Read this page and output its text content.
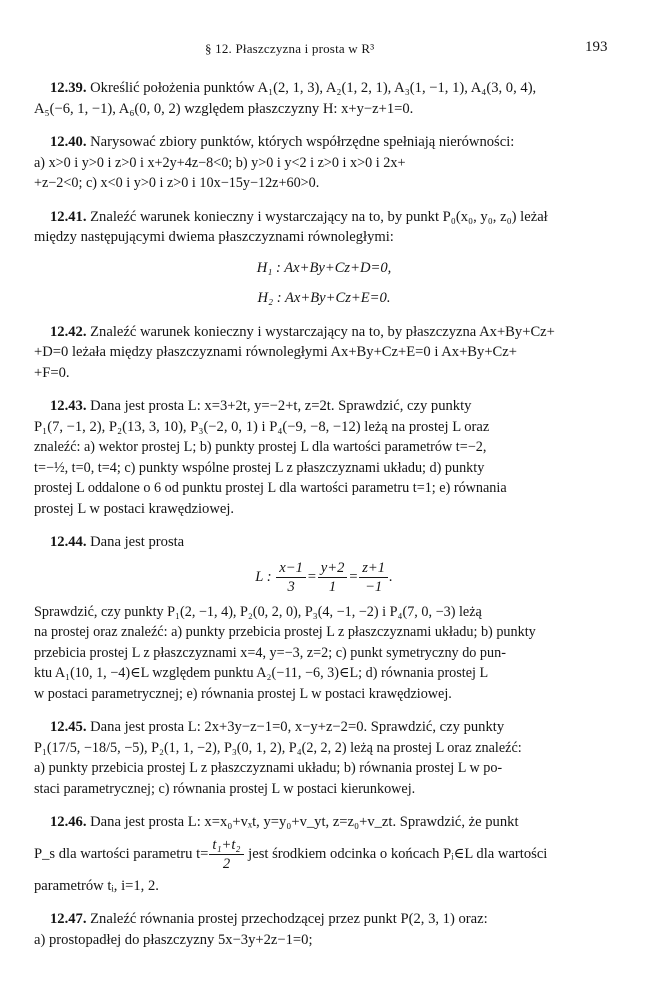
§ 12. Płaszczyzna i prosta w R³	193

12.39. Określić położenia punktów A₁(2, 1, 3), A₂(1, 2, 1), A₃(1, −1, 1), A₄(3, 0, 4),

A₅(−6, 1, −1), A₆(0, 0, 2) względem płaszczyzny H: x+y−z+1=0.

12.40. Narysować zbiory punktów, których współrzędne spełniają nierówności:

a) x>0 i y>0 i z>0 i x+2y+4z−8<0; b) y>0 i y<2 i z>0 i x>0 i 2x+

+z−2<0; c) x<0 i y>0 i z>0 i 10x−15y−12z+60>0.

12.41. Znaleźć warunek konieczny i wystarczający na to, by punkt P₀(x₀, y₀, z₀) leżał

między następującymi dwiema płaszczyznami równoległymi:

H₁ : Ax+By+Cz+D=0,

H₂ : Ax+By+Cz+E=0.

12.42. Znaleźć warunek konieczny i wystarczający na to, by płaszczyzna Ax+By+Cz+

+D=0 leżała między płaszczyznami równoległymi Ax+By+Cz+E=0 i Ax+By+Cz+

+F=0.

12.43. Dana jest prosta L: x=3+2t, y=−2+t, z=2t. Sprawdzić, czy punkty

P₁(7, −1, 2), P₂(13, 3, 10), P₃(−2, 0, 1) i P₄(−9, −8, −12) leżą na prostej L oraz

znaleźć: a) wektor prostej L; b) punkty prostej L dla wartości parametrów t=−2,

t=−½, t=0, t=4; c) punkty wspólne prostej L z płaszczyznami układu; d) punkty

prostej L oddalone o 6 od punktu prostej L dla wartości parametru t=1; e) równania

prostej L w postaci krawędziowej.

12.44. Dana jest prosta

L : $\frac{x-1}{3} = \frac{y+2}{1} = \frac{z+1}{-1}$ .

Sprawdzić, czy punkty P₁(2, −1, 4), P₂(0, 2, 0), P₃(4, −1, −2) i P₄(7, 0, −3) leżą

na prostej oraz znaleźć: a) punkty przebicia prostej L z płaszczyznami układu; b) punkty

przebicia prostej L z płaszczyznami x=4, y=−3, z=2; c) punkt symetryczny do pun-

ktu A₁(10, 1, −4)∈L względem punktu A₂(−11, −6, 3)∈L; d) równania prostej L

w postaci parametrycznej; e) równania prostej L w postaci krawędziowej.

12.45. Dana jest prosta L: 2x+3y−z−1=0, x−y+z−2=0. Sprawdzić, czy punkty

P₁(17/5, −18/5, −5), P₂(1, 1, −2), P₃(0, 1, 2), P₄(2, 2, 2) leżą na prostej L oraz znaleźć:

a) punkty przebicia prostej L z płaszczyznami układu; b) równania prostej L w po-

staci parametrycznej; c) równania prostej L w postaci kierunkowej.

12.46. Dana jest prosta L: x=x₀+vₓt, y=y₀+v_yt, z=z₀+v_zt. Sprawdzić, że punkt

P_s dla wartości parametru $t= \frac{\text{t₁+t₂}}{2}$ jest środkiem odcinka o końcach Pᵢ∈L dla wartości

parametrów tᵢ, i=1, 2.

12.47. Znaleźć równania prostej przechodzącej przez punkt P(2, 3, 1) oraz:

a) prostopadłej do płaszczyzny 5x−3y+2z−1=0;
